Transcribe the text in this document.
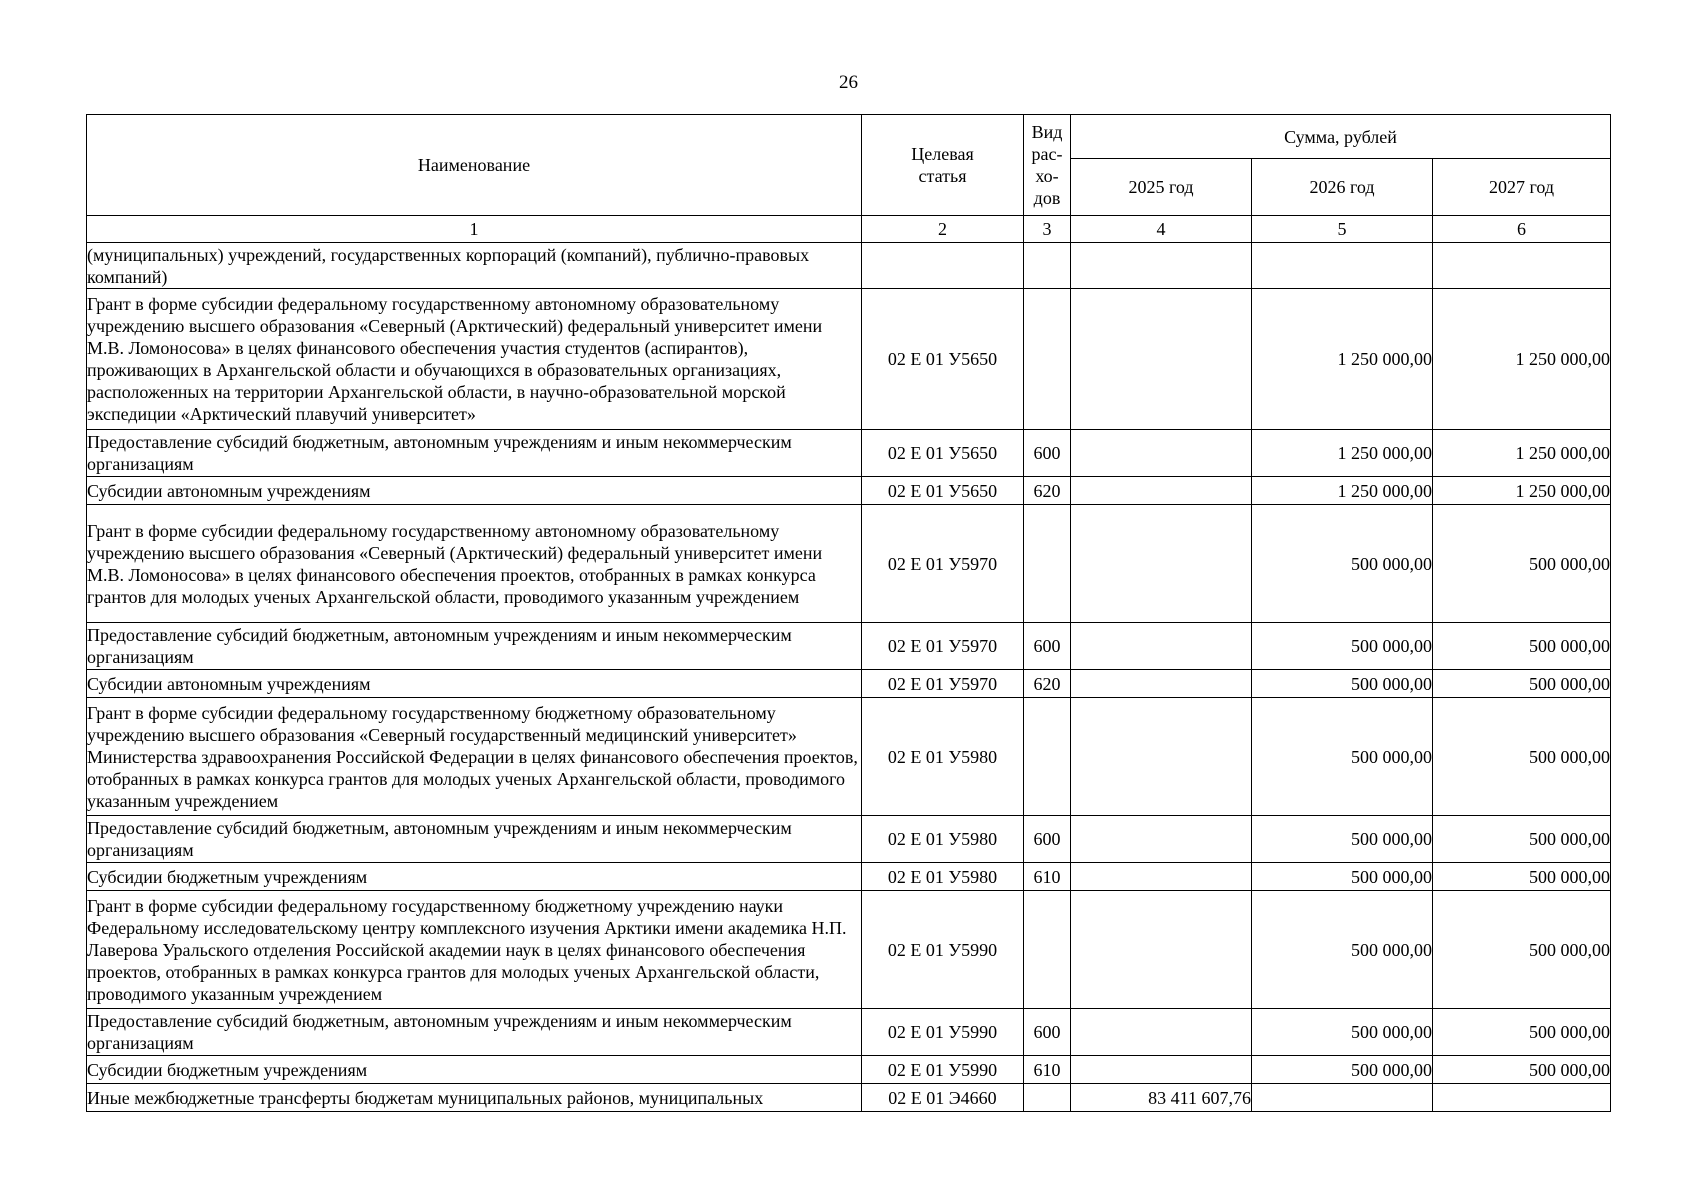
26
Наименование	Целевая статья	Вид
рас-
хо-
дов	Сумма, рублей		
			2025 год	2026 год	2027 год
1	2	3	4	5	6
(муниципальных) учреждений, государственных корпораций (компаний), публично-правовых компаний)					
Грант в форме субсидии федеральному государственному автономному образовательному учреждению высшего образования «Северный (Арктический) федеральный университет имени М.В. Ломоносова» в целях финансового обеспечения участия студентов (аспирантов), проживающих в Архангельской области и обучающихся в образовательных организациях, расположенных на территории Архангельской области, в научно-образовательной морской экспедиции «Арктический плавучий университет»	02 Е 01 У5650			1 250 000,00	1 250 000,00
Предоставление субсидий бюджетным, автономным учреждениям и иным некоммерческим организациям	02 Е 01 У5650	600		1 250 000,00	1 250 000,00
Субсидии автономным учреждениям	02 Е 01 У5650	620		1 250 000,00	1 250 000,00
Грант в форме субсидии федеральному государственному автономному образовательному учреждению высшего образования «Северный (Арктический) федеральный университет имени М.В. Ломоносова» в целях финансового обеспечения проектов, отобранных в рамках конкурса грантов для молодых ученых Архангельской области, проводимого указанным учреждением	02 Е 01 У5970			500 000,00	500 000,00
Предоставление субсидий бюджетным, автономным учреждениям и иным некоммерческим организациям	02 Е 01 У5970	600		500 000,00	500 000,00
Субсидии автономным учреждениям	02 Е 01 У5970	620		500 000,00	500 000,00
Грант в форме субсидии федеральному государственному бюджетному образовательному учреждению высшего образования «Северный государственный медицинский университет» Министерства здравоохранения Российской Федерации в целях финансового обеспечения проектов, отобранных в рамках конкурса грантов для молодых ученых Архангельской области, проводимого указанным учреждением	02 Е 01 У5980			500 000,00	500 000,00
Предоставление субсидий бюджетным, автономным учреждениям и иным некоммерческим организациям	02 Е 01 У5980	600		500 000,00	500 000,00
Субсидии бюджетным учреждениям	02 Е 01 У5980	610		500 000,00	500 000,00
Грант в форме субсидии федеральному государственному бюджетному учреждению науки Федеральному исследовательскому центру комплексного изучения Арктики имени академика Н.П. Лаверова Уральского отделения Российской академии наук в целях финансового обеспечения проектов, отобранных в рамках конкурса грантов для молодых ученых Архангельской области, проводимого указанным учреждением	02 Е 01 У5990			500 000,00	500 000,00
Предоставление субсидий бюджетным, автономным учреждениям и иным некоммерческим организациям	02 Е 01 У5990	600		500 000,00	500 000,00
Субсидии бюджетным учреждениям	02 Е 01 У5990	610		500 000,00	500 000,00
Иные межбюджетные трансферты бюджетам муниципальных районов, муниципальных	02 Е 01 Э4660		83 411 607,76		
